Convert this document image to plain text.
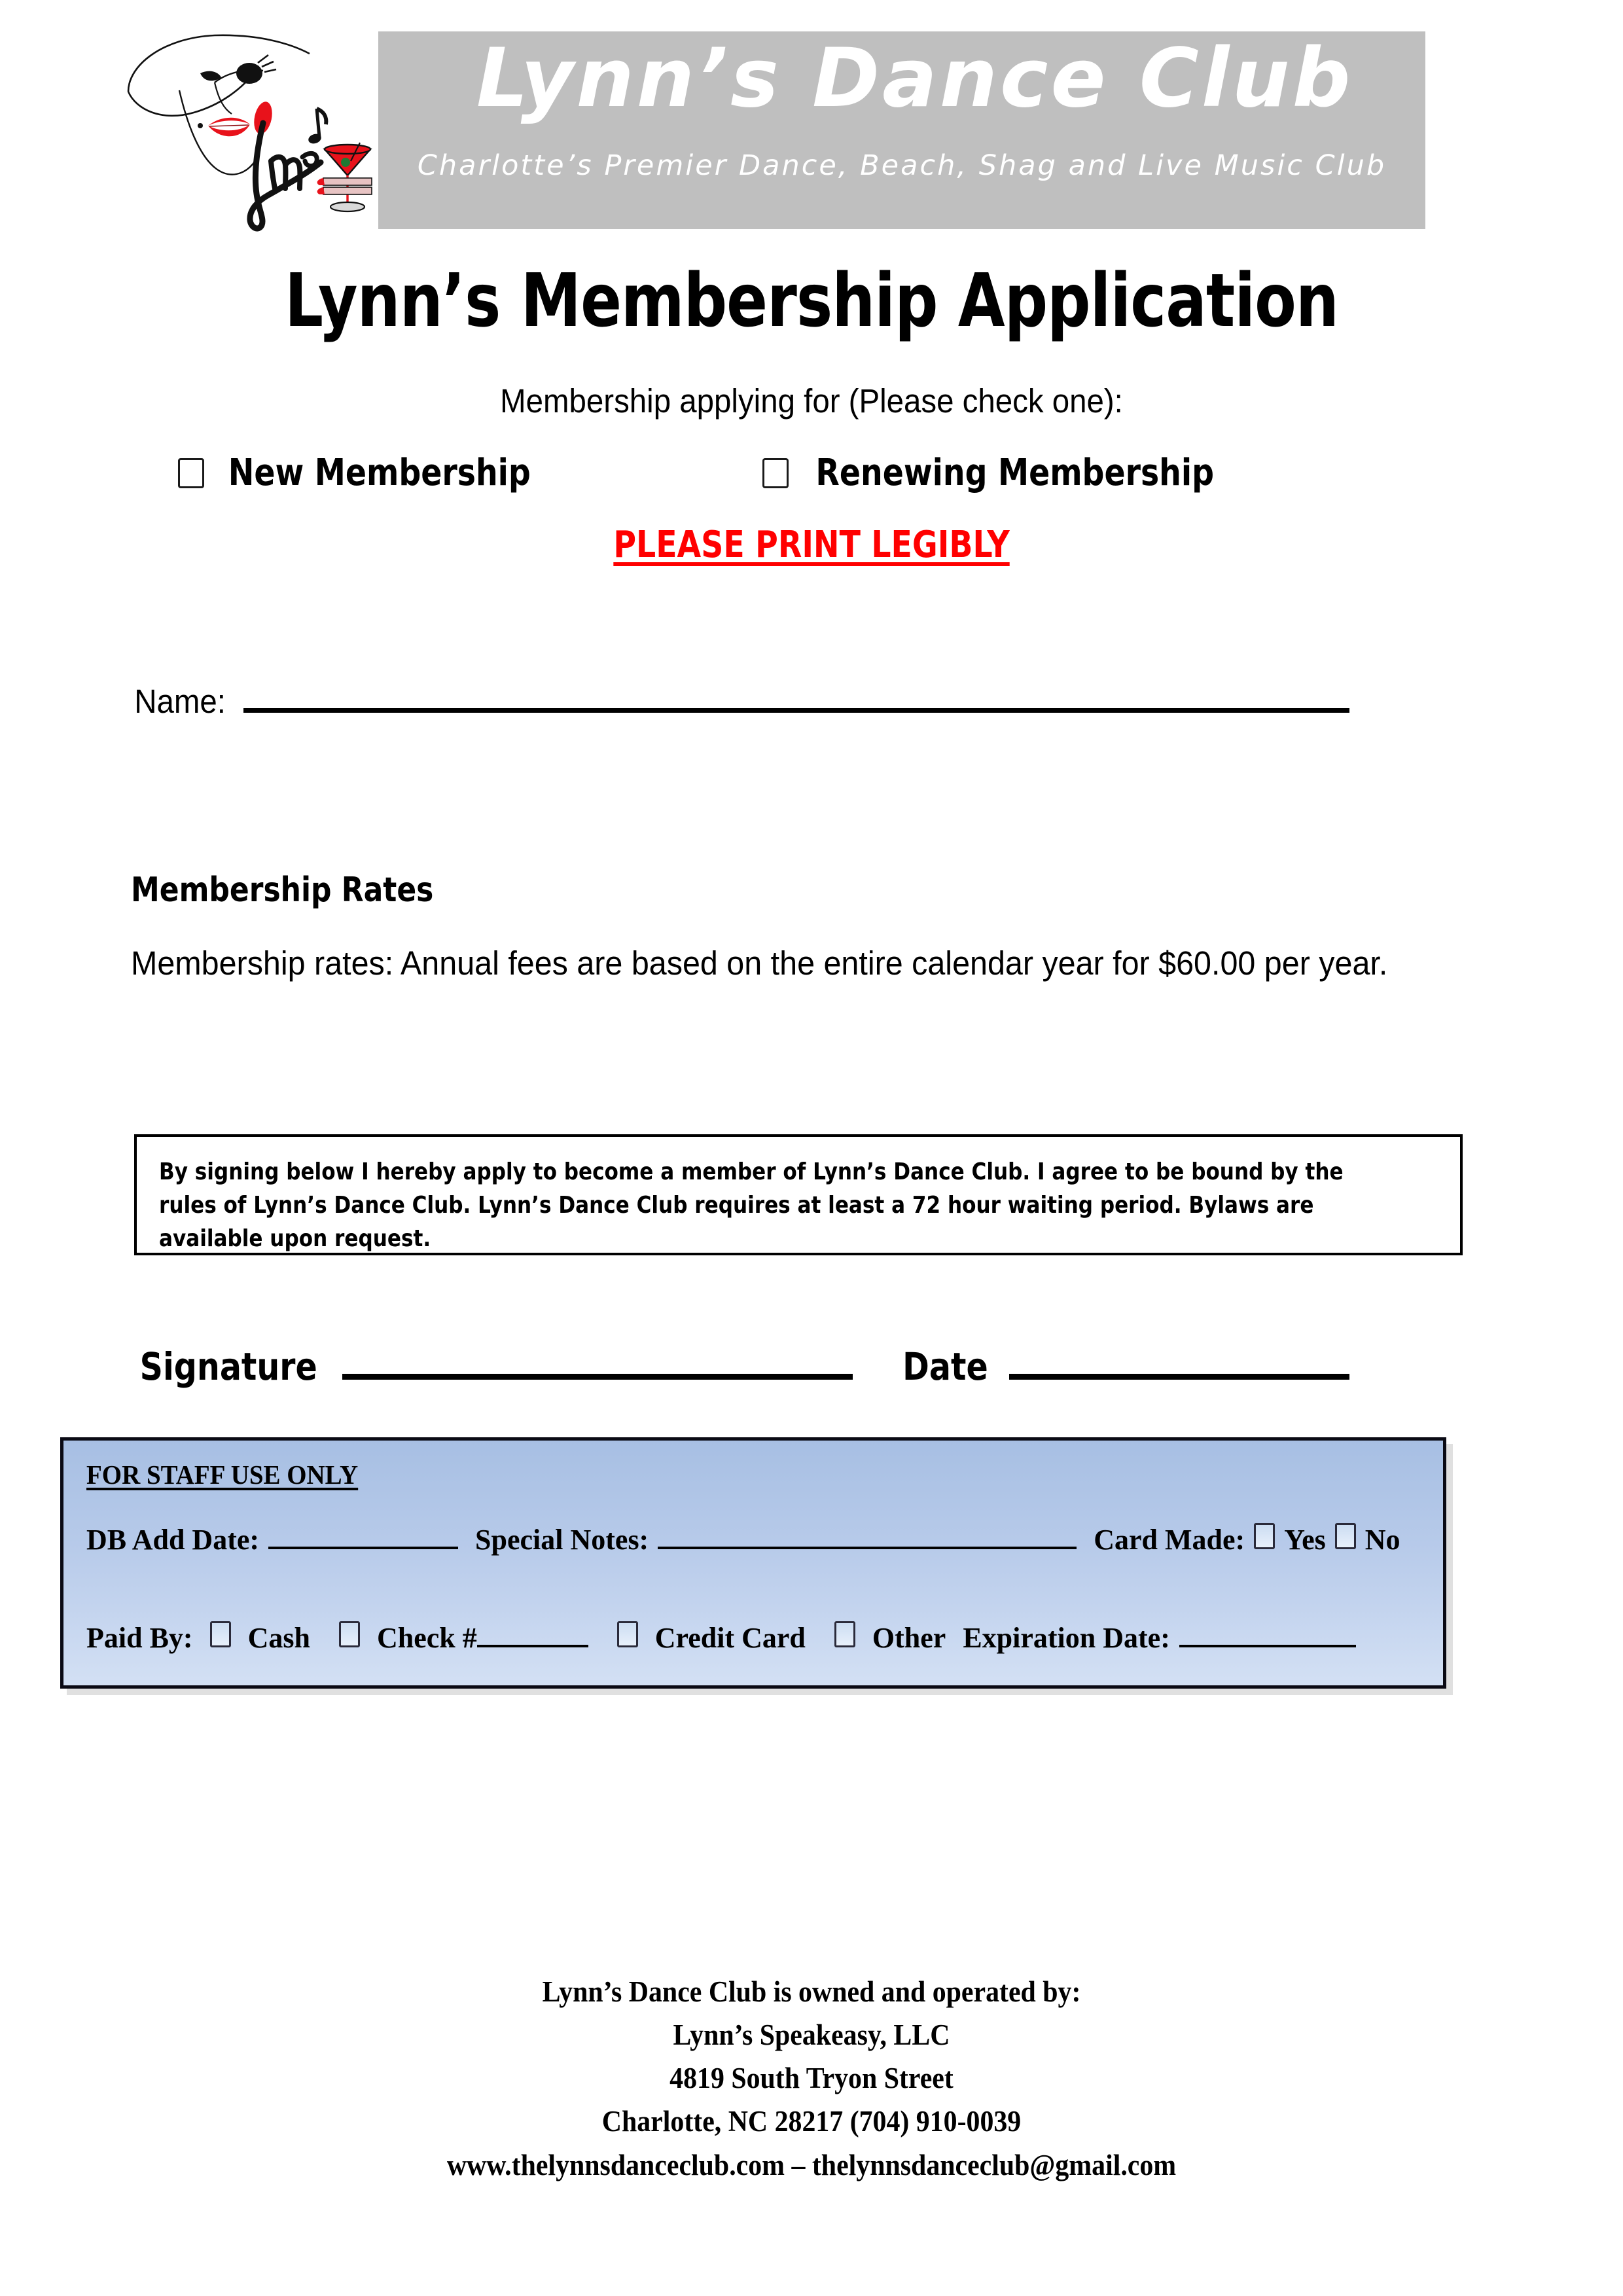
Lynn’s Dance Club
Charlotte’s Premier Dance, Beach, Shag and Live Music Club
Lynn’s Membership Application
Membership applying for (Please check one):
New Membership	Renewing Membership
PLEASE PRINT LEGIBLY
Name:
Membership Rates
Membership rates: Annual fees are based on the entire calendar year for $60.00 per year.
By signing below I hereby apply to become a member of Lynn’s Dance Club. I agree to be bound by the rules of Lynn’s Dance Club. Lynn’s Dance Club requires at least a 72 hour waiting period. Bylaws are available upon request.
Signature	Date
FOR STAFF USE ONLY
DB Add Date:	Special Notes:	Card Made: Yes No
Paid By: Cash Check #	Credit Card Other Expiration Date:
Lynn’s Dance Club is owned and operated by:
Lynn’s Speakeasy, LLC
4819 South Tryon Street
Charlotte, NC 28217 (704) 910-0039
www.thelynnsdanceclub.com – thelynnsdanceclub@gmail.com
